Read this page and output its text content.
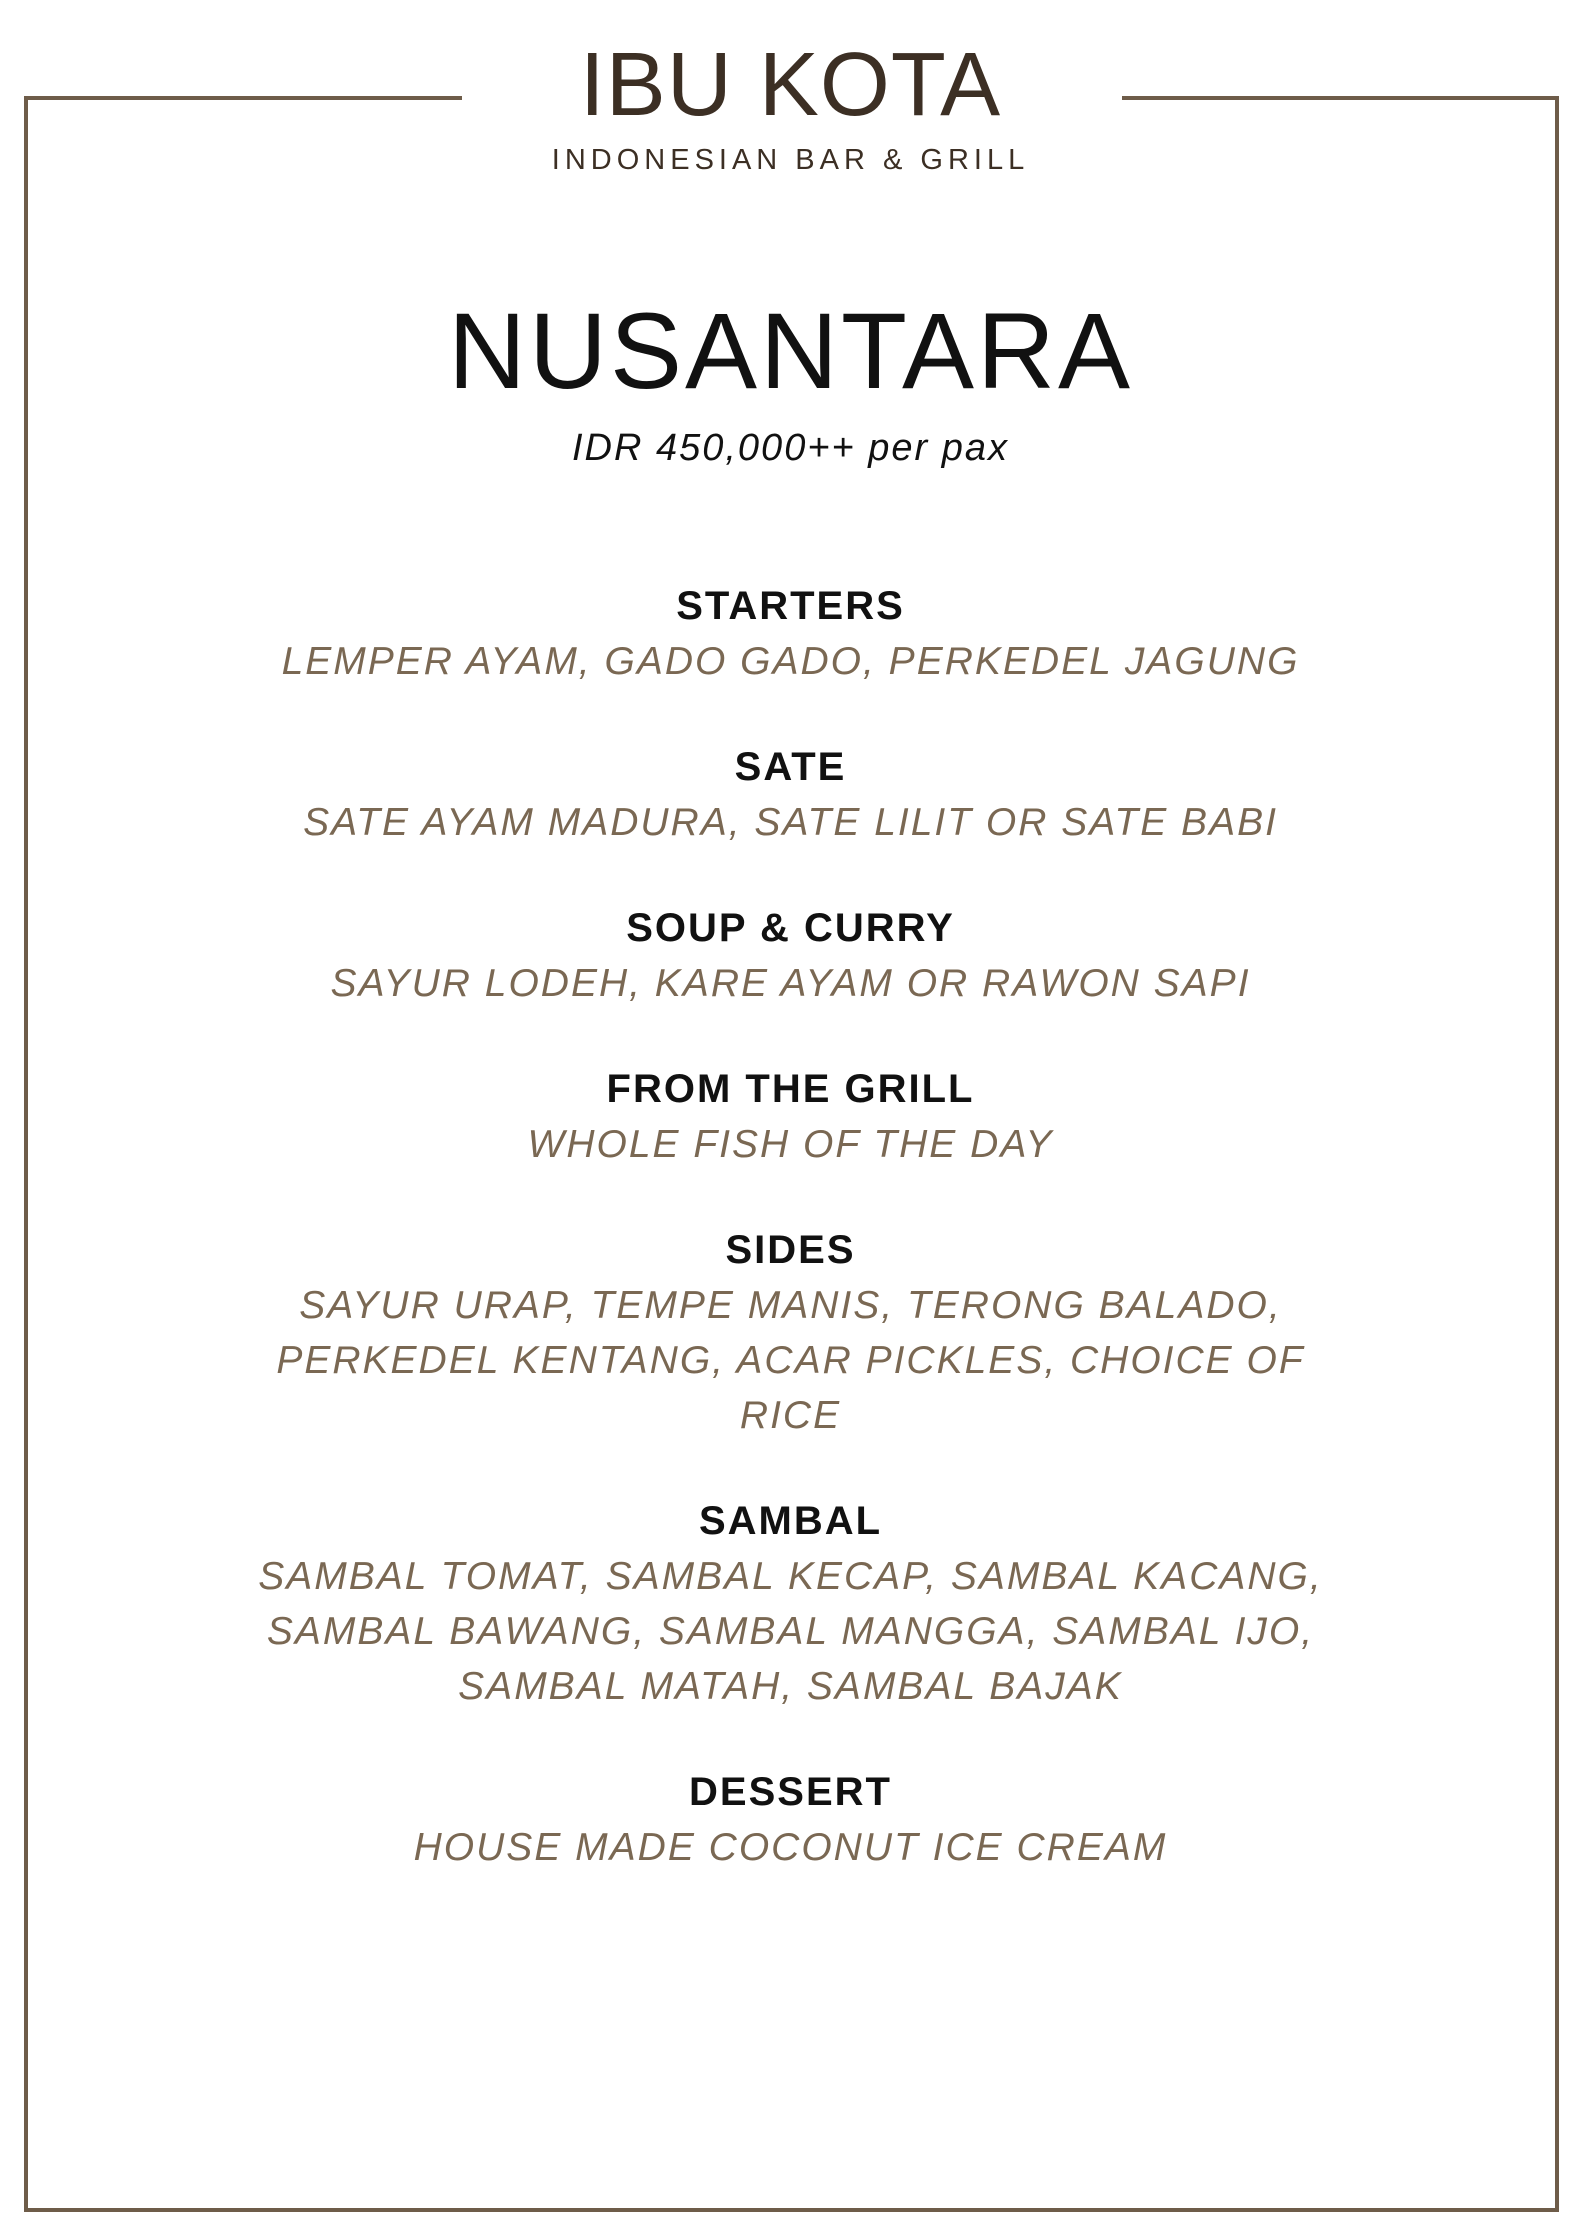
IBU KOTA
INDONESIAN BAR & GRILL
NUSANTARA
IDR 450,000++ per pax
STARTERS
LEMPER AYAM, GADO GADO, PERKEDEL JAGUNG
SATE
SATE AYAM MADURA, SATE LILIT OR SATE BABI
SOUP & CURRY
SAYUR LODEH, KARE AYAM OR RAWON SAPI
FROM THE GRILL
WHOLE FISH OF THE DAY
SIDES
SAYUR URAP, TEMPE MANIS, TERONG BALADO, PERKEDEL KENTANG, ACAR PICKLES, CHOICE OF RICE
SAMBAL
SAMBAL TOMAT, SAMBAL KECAP, SAMBAL KACANG, SAMBAL BAWANG, SAMBAL MANGGA, SAMBAL IJO, SAMBAL MATAH, SAMBAL BAJAK
DESSERT
HOUSE MADE COCONUT ICE CREAM
